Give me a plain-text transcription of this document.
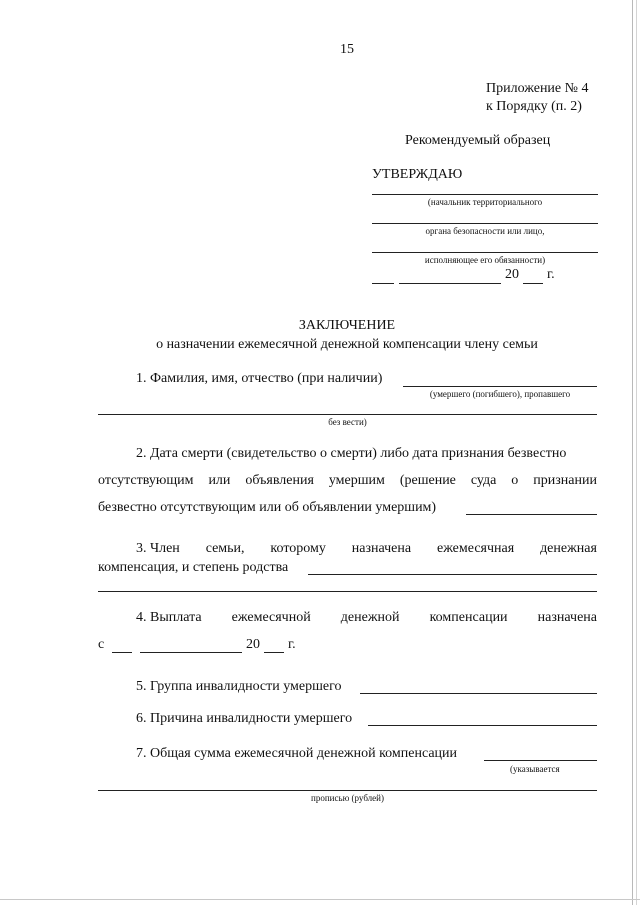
15
Приложение № 4
к Порядку (п. 2)
Рекомендуемый образец
УТВЕРЖДАЮ
(начальник территориального
органа безопасности или лицо,
исполняющее его обязанности)
20 г.
ЗАКЛЮЧЕНИЕ
о назначении ежемесячной денежной компенсации члену семьи
1. Фамилия, имя, отчество (при наличии)
(умершего (погибшего), пропавшего
без вести)
2. Дата смерти (свидетельство о смерти) либо дата признания безвестно
отсутствующим или объявления умершим (решение суда о признании
безвестно отсутствующим или об объявлении умершим)
3. Член семьи, которому назначена ежемесячная денежная
компенсация, и степень родства
4. Выплата ежемесячной денежной компенсации назначена
с	20 г.
5. Группа инвалидности умершего
6. Причина инвалидности умершего
7. Общая сумма ежемесячной денежной компенсации
(указывается
прописью (рублей)
